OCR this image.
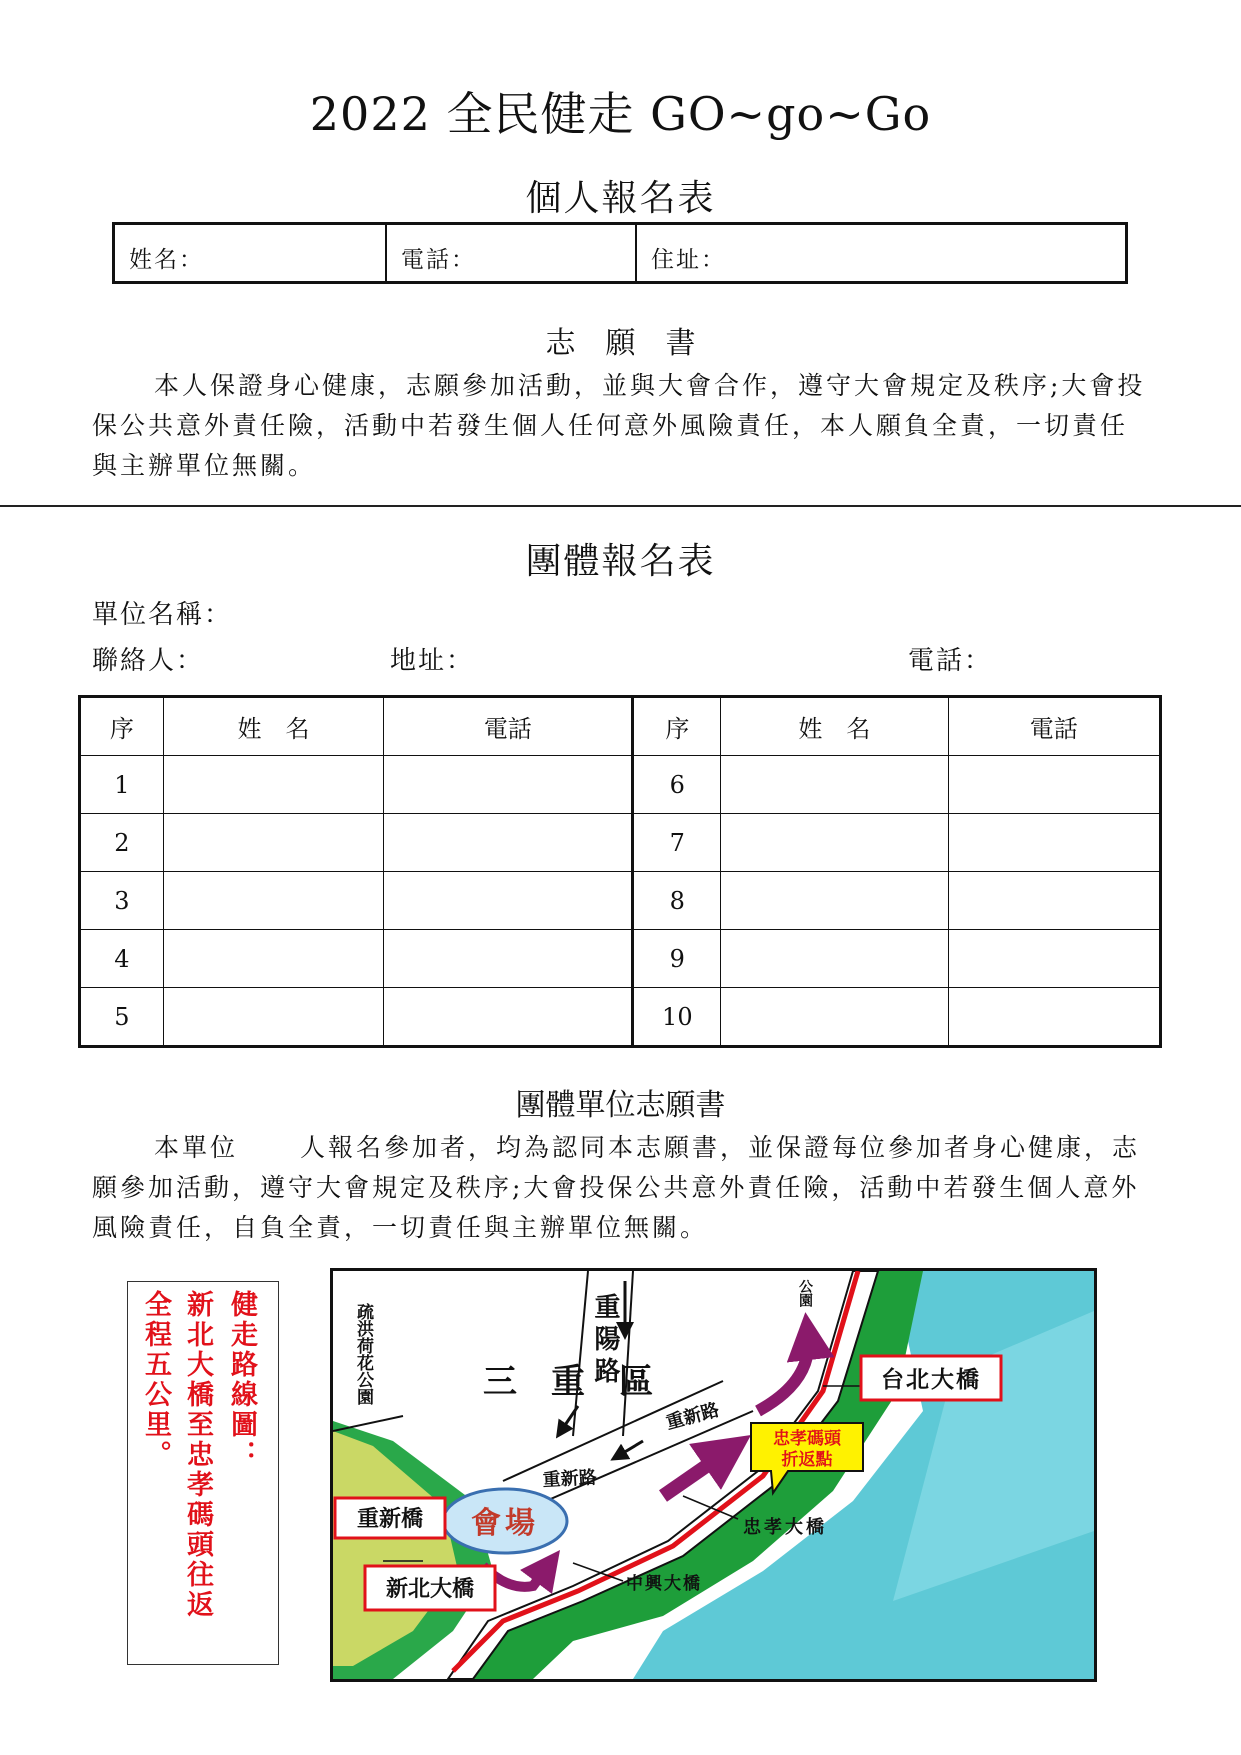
2022 全民健走 GO~go~Go
個人報名表
姓名：	電話：	住址：
志　願　書
本人保證身心健康，志願參加活動，並與大會合作，遵守大會規定及秩序;大會投保公共意外責任險，活動中若發生個人任何意外風險責任，本人願負全責，一切責任與主辦單位無關。
團體報名表
單位名稱：
聯絡人：	地址：	電話：
序	姓　名	電話	序	姓　名	電話
1			6		
2			7		
3			8		
4			9		
5			10		
團體單位志願書
本單位 人報名參加者，均為認同本志願書，並保證每位參加者身心健康，志願參加活動，遵守大會規定及秩序;大會投保公共意外責任險，活動中若發生個人意外風險責任，自負全責，一切責任與主辦單位無關。
健走路線圖：
新北大橋至忠孝碼頭往返
全程五公里。
會場
疏洪荷花公園	重陽路	公園
三　重　區
重新路
重新路
忠孝大橋
中興大橋
台北大橋
忠孝碼頭
折返點
重新橋
新北大橋
